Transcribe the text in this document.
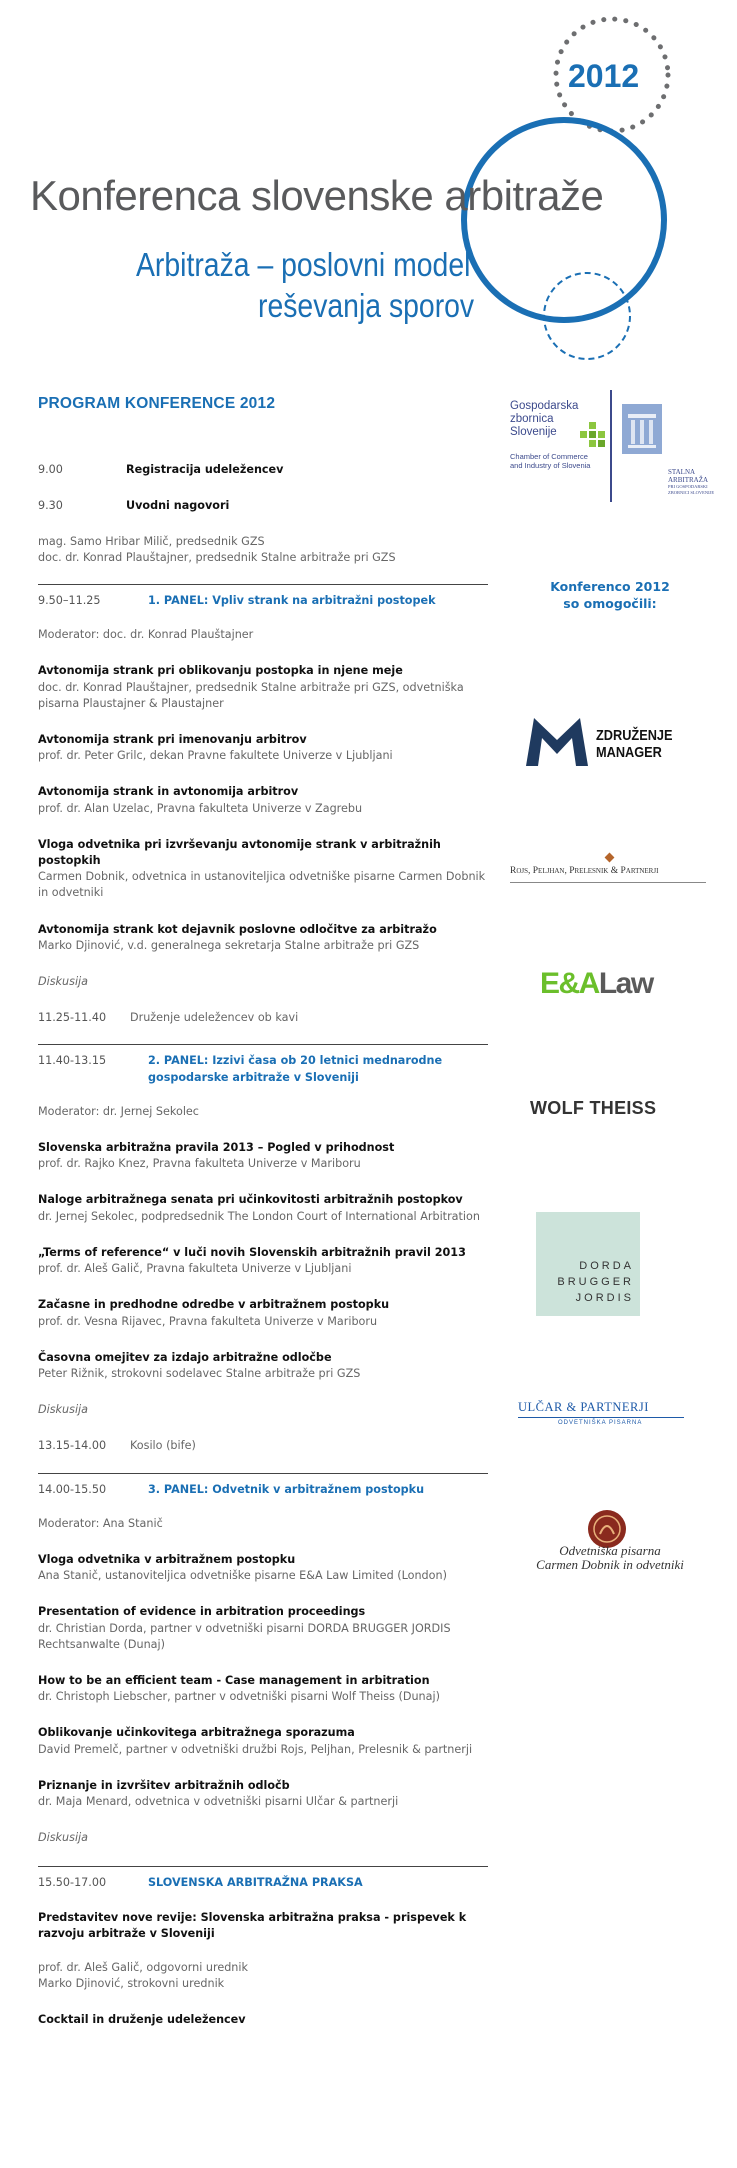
2012
Konferenca slovenske arbitraže
Arbitraža – poslovni model
reševanja sporov
PROGRAM KONFERENCE 2012
9.00	Registracija udeležencev
9.30	Uvodni nagovori
mag. Samo Hribar Milič, predsednik GZS
doc. dr. Konrad Plauštajner, predsednik Stalne arbitraže pri GZS
9.50–11.25	1. PANEL: Vpliv strank na arbitražni postopek
Moderator: doc. dr. Konrad Plauštajner
Avtonomija strank pri oblikovanju postopka in njene meje
doc. dr. Konrad Plauštajner, predsednik Stalne arbitraže pri GZS, odvetniška pisarna Plaustajner & Plaustajner
Avtonomija strank pri imenovanju arbitrov
prof. dr. Peter Grilc, dekan Pravne fakultete Univerze v Ljubljani
Avtonomija strank in avtonomija arbitrov
prof. dr. Alan Uzelac, Pravna fakulteta Univerze v Zagrebu
Vloga odvetnika pri izvrševanju avtonomije strank v arbitražnih postopkih
Carmen Dobnik, odvetnica in ustanoviteljica odvetniške pisarne Carmen Dobnik in odvetniki
Avtonomija strank kot dejavnik poslovne odločitve za arbitražo
Marko Djinović, v.d. generalnega sekretarja Stalne arbitraže pri GZS
Diskusija
11.25-11.40	Druženje udeležencev ob kavi
11.40-13.15	2. PANEL: Izzivi časa ob 20 letnici mednarodne gospodarske arbitraže v Sloveniji
Moderator: dr. Jernej Sekolec
Slovenska arbitražna pravila 2013 – Pogled v prihodnost
prof. dr. Rajko Knez, Pravna fakulteta Univerze v Mariboru
Naloge arbitražnega senata pri učinkovitosti arbitražnih postopkov
dr. Jernej Sekolec, podpredsednik The London Court of International Arbitration
„Terms of reference“ v luči novih Slovenskih arbitražnih pravil 2013
prof. dr. Aleš Galič, Pravna fakulteta Univerze v Ljubljani
Začasne in predhodne odredbe v arbitražnem postopku
prof. dr. Vesna Rijavec, Pravna fakulteta Univerze v Mariboru
Časovna omejitev za izdajo arbitražne odločbe
Peter Rižnik, strokovni sodelavec Stalne arbitraže pri GZS
Diskusija
13.15-14.00	Kosilo (bife)
14.00-15.50	3. PANEL: Odvetnik v arbitražnem postopku
Moderator: Ana Stanič
Vloga odvetnika v arbitražnem postopku
Ana Stanič, ustanoviteljica odvetniške pisarne E&A Law Limited (London)
Presentation of evidence in arbitration proceedings
dr. Christian Dorda, partner v odvetniški pisarni DORDA BRUGGER JORDIS Rechtsanwalte (Dunaj)
How to be an efficient team - Case management in arbitration
dr. Christoph Liebscher, partner v odvetniški pisarni Wolf Theiss (Dunaj)
Oblikovanje učinkovitega arbitražnega sporazuma
David Premelč, partner v odvetniški družbi Rojs, Peljhan, Prelesnik & partnerji
Priznanje in izvršitev arbitražnih odločb
dr. Maja Menard, odvetnica v odvetniški pisarni Ulčar & partnerji
Diskusija
15.50-17.00	SLOVENSKA ARBITRAŽNA PRAKSA
Predstavitev nove revije: Slovenska arbitražna praksa - prispevek k razvoju arbitraže v Sloveniji
prof. dr. Aleš Galič, odgovorni urednik
Marko Djinović, strokovni urednik
Cocktail in druženje udeležencev
Gospodarska
zbornica
Slovenije
Chamber of Commerce
and Industry of Slovenia
STALNA
ARBITRAŽA
PRI GOSPODARSKI
ZBORNICI SLOVENIJE
Konferenco 2012
so omogočili:
ZDRUŽENJE
MANAGER
Rojs, Peljhan, Prelesnik & Partnerji
E&ALaw
WOLF THEISS
DORDA
BRUGGER
JORDIS
ULČAR & PARTNERJI
ODVETNIŠKA PISARNA
Odvetniška pisarna
Carmen Dobnik in odvetniki
